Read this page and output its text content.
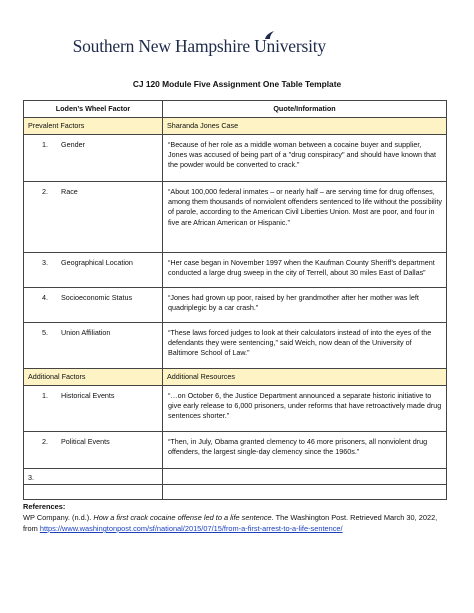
Southern New Hampshire University
CJ 120 Module Five Assignment One Table Template
Loden’s Wheel Factor	Quote/Information

Prevalent Factors	Sharanda Jones Case

1. Gender	“Because of her role as a middle woman between a cocaine buyer and supplier, Jones was accused of being part of a "drug conspiracy" and should have known that the powder would be converted to crack.”

2. Race	“About 100,000 federal inmates – or nearly half – are serving time for drug offenses, among them thousands of nonviolent offenders sentenced to life without the possibility of parole, according to the American Civil Liberties Union. Most are poor, and four in five are African American or Hispanic.”

3. Geographical Location	“Her case began in November 1997 when the Kaufman County Sheriff’s department conducted a large drug sweep in the city of Terrell, about 30 miles East of Dallas”

4. Socioeconomic Status	“Jones had grown up poor, raised by her grandmother after her mother was left quadriplegic by a car crash.”

5. Union Affiliation	“These laws forced judges to look at their calculators instead of into the eyes of the defendants they were sentencing,” said Weich, now dean of the University of Baltimore School of Law.”

Additional Factors	Additional Resources

1. Historical Events	“…on October 6, the Justice Department announced a separate historic initiative to give early release to 6,000 prisoners, under reforms that have retroactively made drug sentences shorter.”

2. Political Events	“Then, in July, Obama granted clemency to 46 more prisoners, all nonviolent drug offenders, the largest single-day clemency since the 1960s.”

3.	

References:
WP Company. (n.d.). How a first crack cocaine offense led to a life sentence. The Washington Post. Retrieved March 30, 2022, from https://www.washingtonpost.com/sf/national/2015/07/15/from-a-first-arrest-to-a-life-sentence/
